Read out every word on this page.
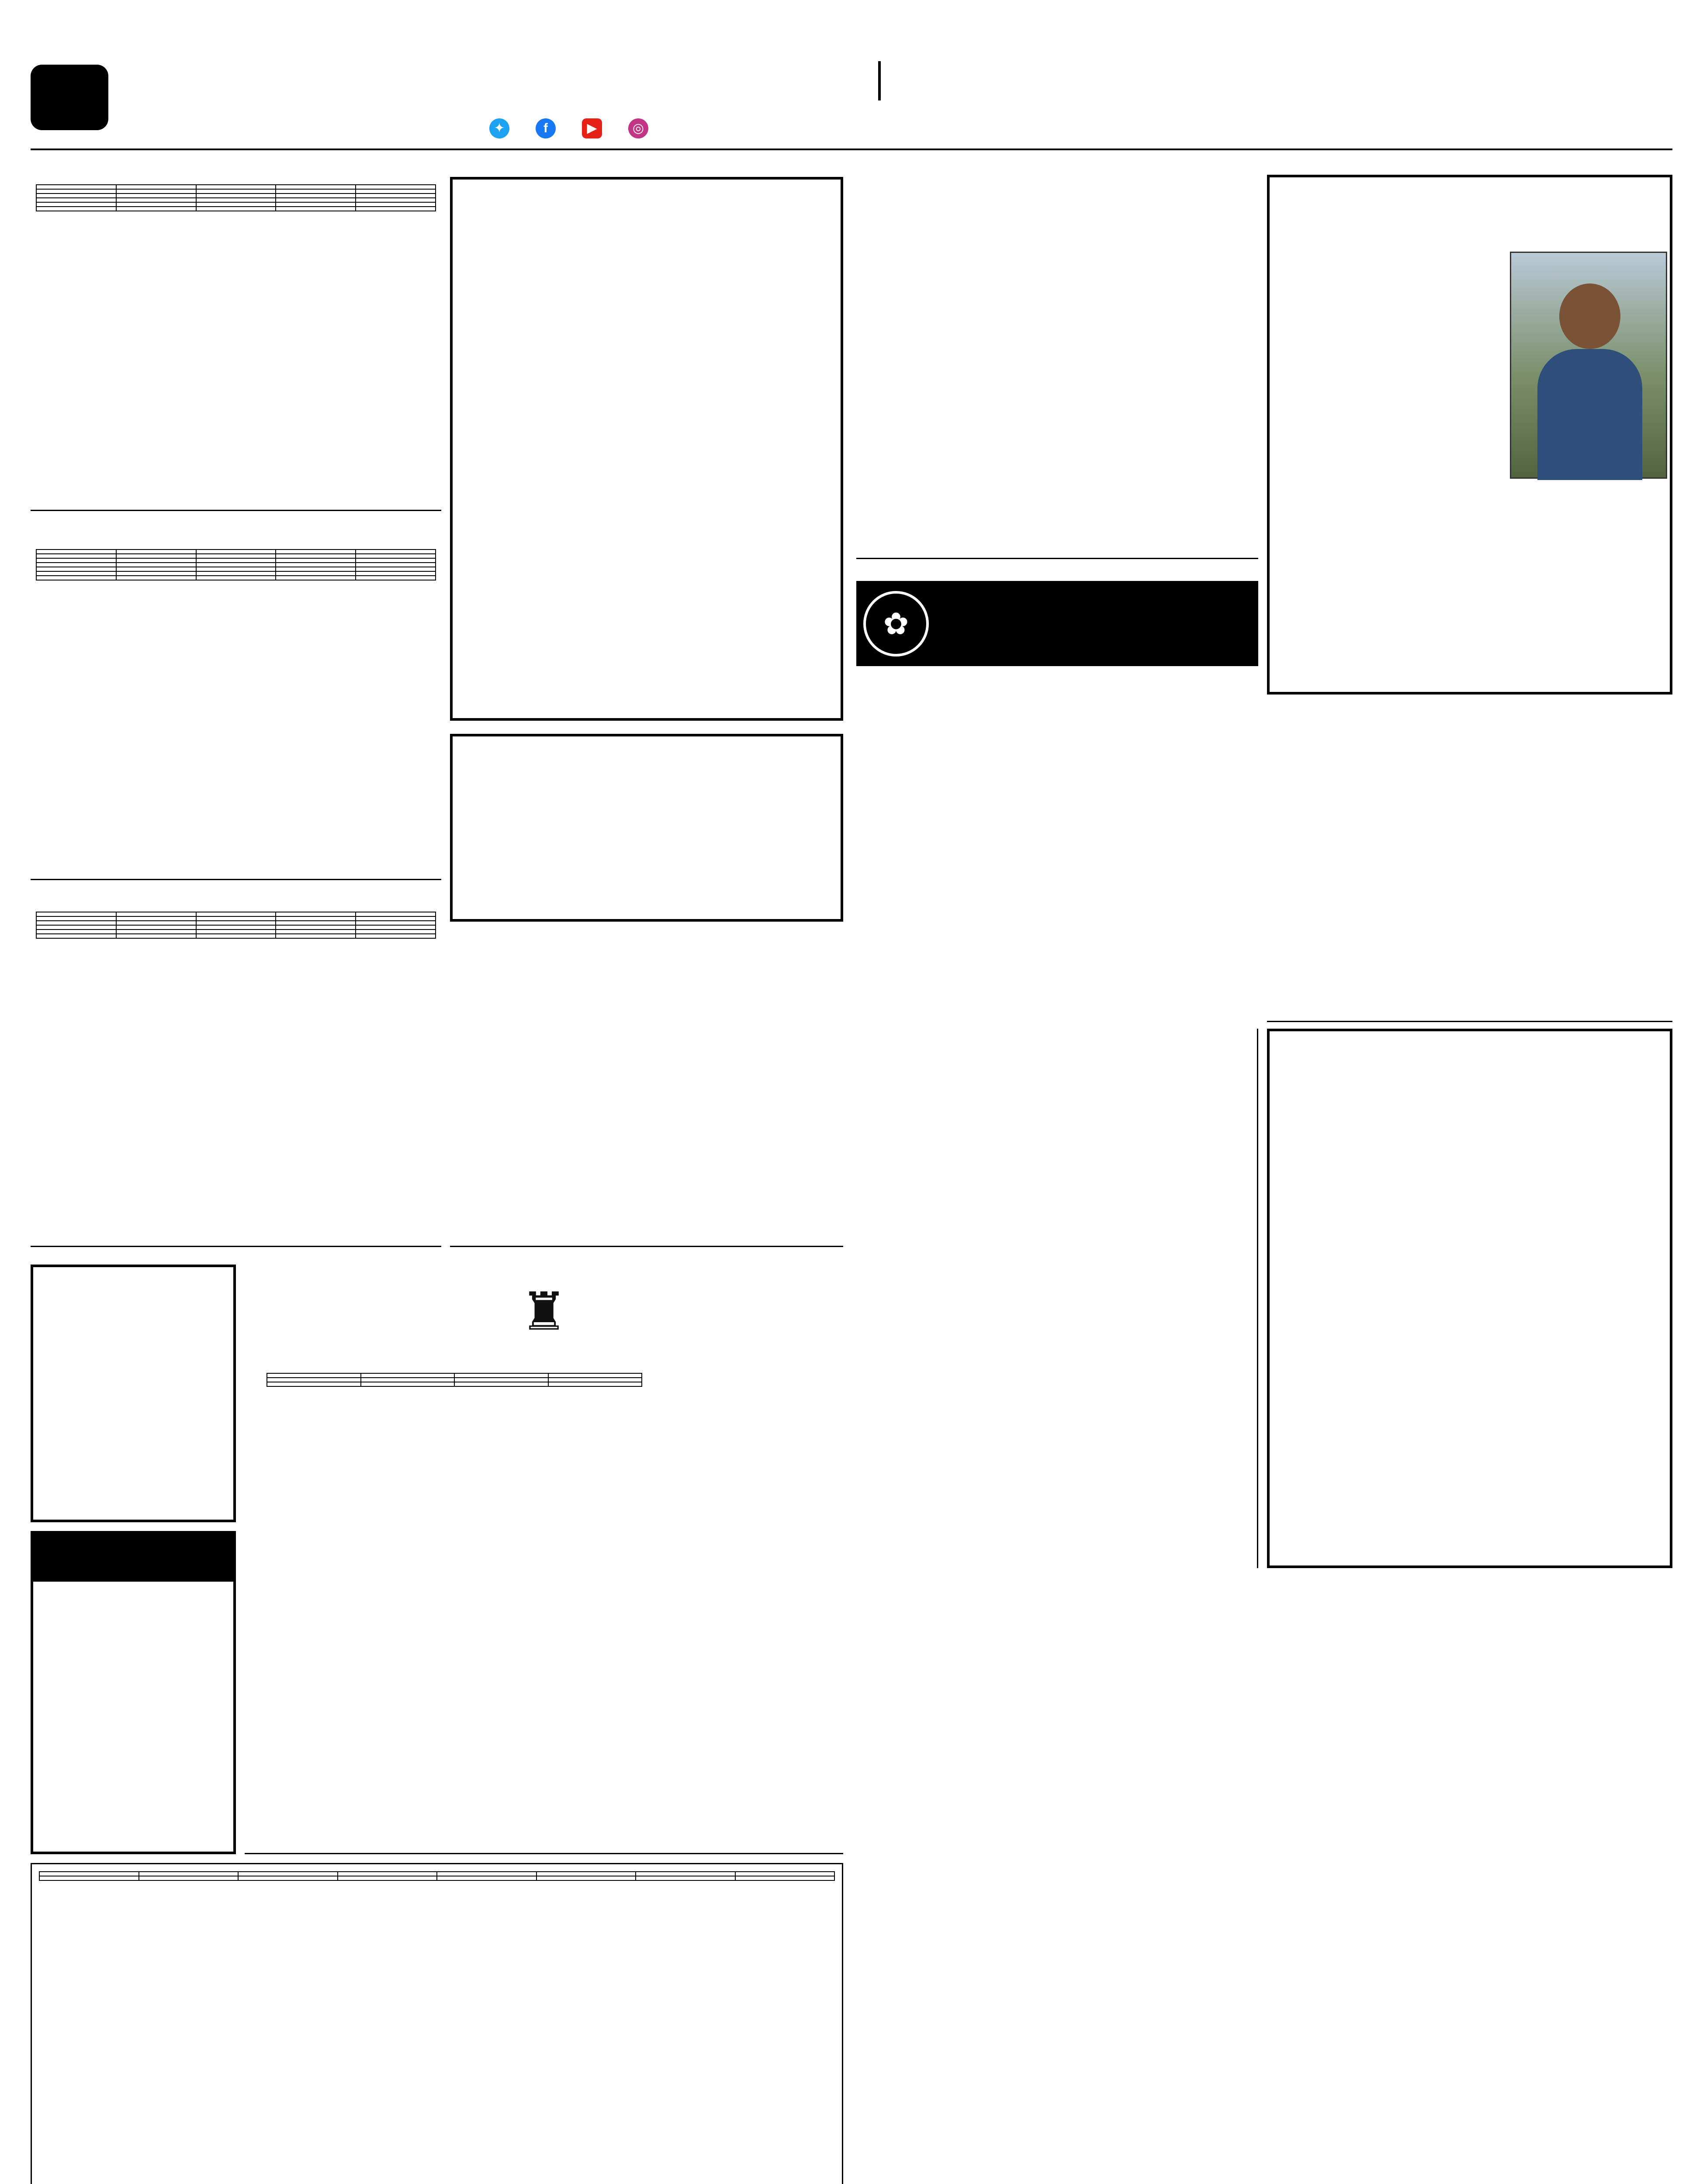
✦	f	▶	◎

✿
♜
